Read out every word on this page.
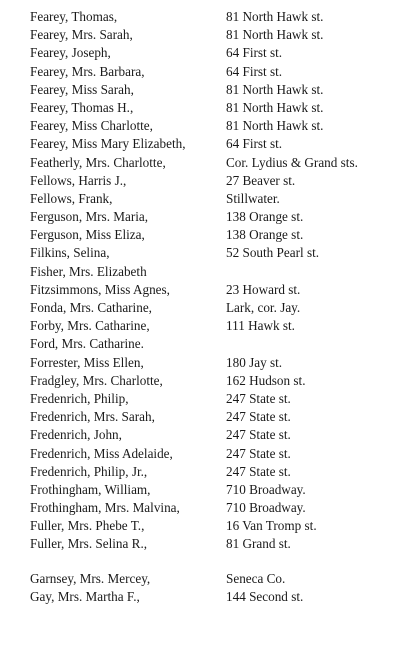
Fearey, Thomas,	81 North Hawk st.
Fearey, Mrs. Sarah,	81 North Hawk st.
Fearey, Joseph,	64 First st.
Fearey, Mrs. Barbara,	64 First st.
Fearey, Miss Sarah,	81 North Hawk st.
Fearey, Thomas H.,	81 North Hawk st.
Fearey, Miss Charlotte,	81 North Hawk st.
Fearey, Miss Mary Elizabeth,	64 First st.
Featherly, Mrs. Charlotte,	Cor. Lydius & Grand sts.
Fellows, Harris J.,	27 Beaver st.
Fellows, Frank,	Stillwater.
Ferguson, Mrs. Maria,	138 Orange st.
Ferguson, Miss Eliza,	138 Orange st.
Filkins, Selina,	52 South Pearl st.
Fisher, Mrs. Elizabeth
Fitzsimmons, Miss Agnes,	23 Howard st.
Fonda, Mrs. Catharine,	Lark, cor. Jay.
Forby, Mrs. Catharine,	111 Hawk st.
Ford, Mrs. Catharine.
Forrester, Miss Ellen,	180 Jay st.
Fradgley, Mrs. Charlotte,	162 Hudson st.
Fredenrich, Philip,	247 State st.
Fredenrich, Mrs. Sarah,	247 State st.
Fredenrich, John,	247 State st.
Fredenrich, Miss Adelaide,	247 State st.
Fredenrich, Philip, Jr.,	247 State st.
Frothingham, William,	710 Broadway.
Frothingham, Mrs. Malvina,	710 Broadway.
Fuller, Mrs. Phebe T.,	16 Van Tromp st.
Fuller, Mrs. Selina R.,	81 Grand st.
Garnsey, Mrs. Mercey,	Seneca Co.
Gay, Mrs. Martha F.,	144 Second st.
